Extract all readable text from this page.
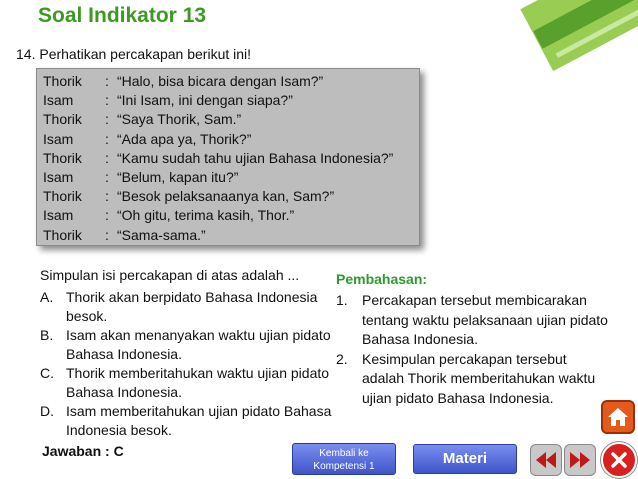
Soal Indikator 13
14. Perhatikan percakapan berikut ini!
Thorik	: “Halo, bisa bicara dengan Isam?”
Isam	: “Ini Isam, ini dengan siapa?”
Thorik	: “Saya Thorik, Sam.”
Isam	: “Ada apa ya, Thorik?”
Thorik	: “Kamu sudah tahu ujian Bahasa Indonesia?”
Isam	: “Belum, kapan itu?”
Thorik	: “Besok pelaksanaanya kan, Sam?”
Isam	: “Oh gitu, terima kasih, Thor.”
Thorik	: “Sama-sama.”
Simpulan isi percakapan di atas adalah ...
A. Thorik akan berpidato Bahasa Indonesia besok.
B. Isam akan menanyakan waktu ujian pidato Bahasa Indonesia.
C. Thorik memberitahukan waktu ujian pidato Bahasa Indonesia.
D. Isam memberitahukan ujian pidato Bahasa Indonesia besok.
Jawaban : C
Pembahasan:
1.	Percakapan tersebut membicarakan tentang waktu pelaksanaan ujian pidato Bahasa Indonesia.
2.	Kesimpulan percakapan tersebut adalah Thorik memberitahukan waktu ujian pidato Bahasa Indonesia.
Kembali ke
Kompetensi 1	Materi
